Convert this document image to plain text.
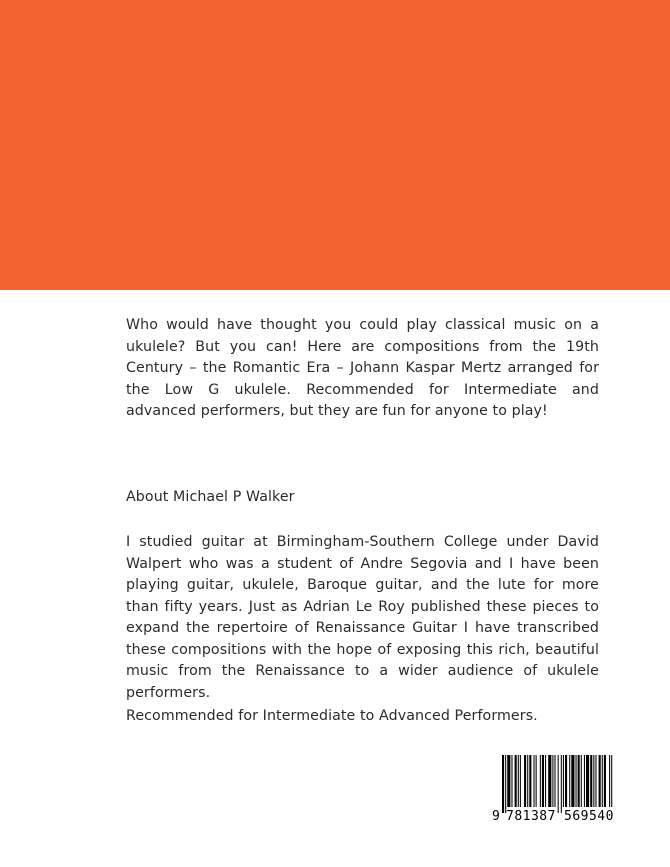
Who would have thought you could play classical music on a ukulele? But you can! Here are compositions from the 19th Century – the Romantic Era – Johann Kaspar Mertz arranged for the Low G ukulele. Recommended for Intermediate and advanced performers, but they are fun for anyone to play!

About Michael P Walker

I studied guitar at Birmingham-Southern College under David Walpert who was a student of Andre Segovia and I have been playing guitar, ukulele, Baroque guitar, and the lute for more than fifty years. Just as Adrian Le Roy published these pieces to expand the repertoire of Renaissance Guitar I have transcribed these compositions with the hope of exposing this rich, beautiful music from the Renaissance to a wider audience of ukulele performers.

Recommended for Intermediate to Advanced Performers.

9 781387 569540
